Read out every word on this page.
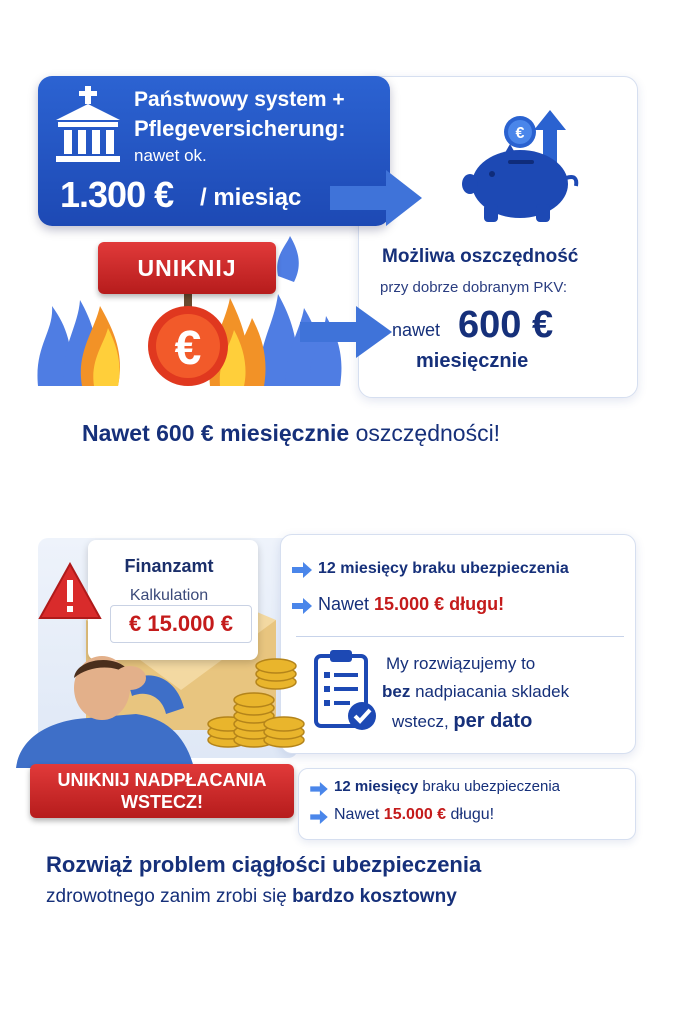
Państwowy system +
Pflegeversicherung:
nawet ok.
1.300 € / miesiąc
€
Możliwa oszczędność
przy dobrze dobranym PKV:
nawet 600 €
miesięcznie
€
UNIKNIJ
Nawet 600 € miesięcznie oszczędności!
Finanzamt
Kalkulation
€ 15.000 €
12 miesięcy braku ubezpieczenia
Nawet 15.000 € długu!
My rozwiązujemy to
bez nadpiacania skladek
wstecz, per dato
UNIKNIJ NADPŁACANIA
WSTECZ!
12 miesięcy braku ubezpieczenia
Nawet 15.000 € długu!
Rozwiąż problem ciągłości ubezpieczenia
zdrowotnego zanim zrobi się bardzo kosztowny
